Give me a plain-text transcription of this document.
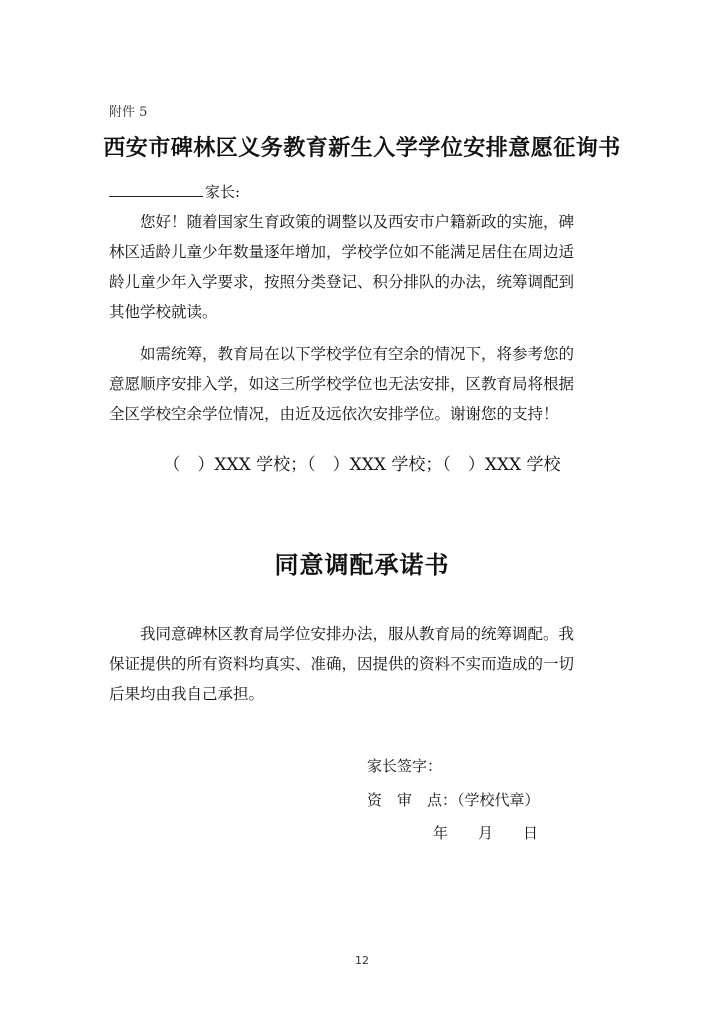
附件 5
西安市碑林区义务教育新生入学学位安排意愿征询书
家长:

　　您好！随着国家生育政策的调整以及西安市户籍新政的实施，碑
林区适龄儿童少年数量逐年增加，学校学位如不能满足居住在周边适
龄儿童少年入学要求，按照分类登记、积分排队的办法，统筹调配到
其他学校就读。

　　如需统筹，教育局在以下学校学位有空余的情况下，将参考您的
意愿顺序安排入学，如这三所学校学位也无法安排，区教育局将根据
全区学校空余学位情况，由近及远依次安排学位。谢谢您的支持！

（　）XXX 学校；（　）XXX 学校；（　）XXX 学校
同意调配承诺书

　　我同意碑林区教育局学位安排办法，服从教育局的统筹调配。我
保证提供的所有资料均真实、准确，因提供的资料不实而造成的一切
后果均由我自己承担。

家长签字：
资　审　点：（学校代章）
年　　月　　日
12
